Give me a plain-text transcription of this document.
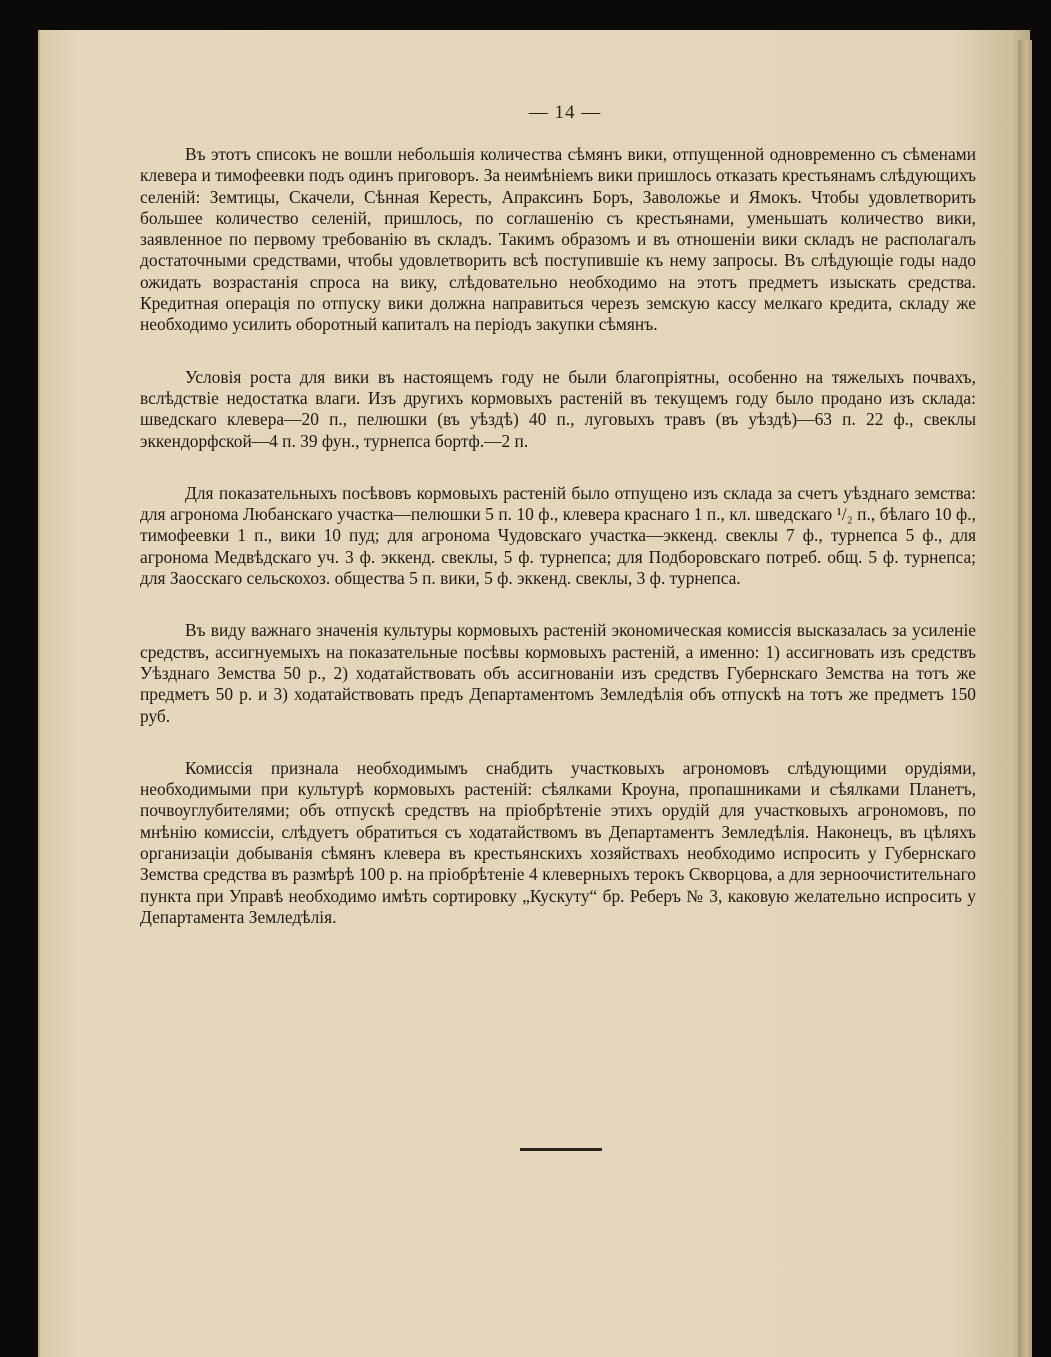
— 14 —

Въ этотъ списокъ не вошли небольшія количества сѣмянъ вики, отпущенной одновременно съ сѣменами клевера и тимофеевки подъ одинъ приговоръ. За неимѣніемъ вики пришлось отказать крестьянамъ слѣдующихъ селеній: Земтицы, Скачели, Сѣнная Кересть, Апраксинъ Боръ, Заволожье и Ямокъ. Чтобы удовлетворить большее количество селеній, пришлось, по соглашенію съ крестьянами, уменьшать количество вики, заявленное по первому требованію въ складъ. Такимъ образомъ и въ отношеніи вики складъ не располагалъ достаточными средствами, чтобы удовлетворить всѣ поступившіе къ нему запросы. Въ слѣдующіе годы надо ожидать возрастанія спроса на вику, слѣдовательно необходимо на этотъ предметъ изыскать средства. Кредитная операція по отпуску вики должна направиться черезъ земскую кассу мелкаго кредита, складу же необходимо усилить оборотный капиталъ на періодъ закупки сѣмянъ.

Условія роста для вики въ настоящемъ году не были благопріятны, особенно на тяжелыхъ почвахъ, вслѣдствіе недостатка влаги. Изъ другихъ кормовыхъ растеній въ текущемъ году было продано изъ склада: шведскаго клевера—20 п., пелюшки (въ уѣздѣ) 40 п., луговыхъ травъ (въ уѣздѣ)—63 п. 22 ф., свеклы эккендорфской—4 п. 39 фун., турнепса бортф.—2 п.

Для показательныхъ посѣвовъ кормовыхъ растеній было отпущено изъ склада за счетъ уѣзднаго земства: для агронома Любанскаго участка—пелюшки 5 п. 10 ф., клевера краснаго 1 п., кл. шведскаго ¹/₂ п., бѣлаго 10 ф., тимофеевки 1 п., вики 10 пуд; для агронома Чудовскаго участка—эккенд. свеклы 7 ф., турнепса 5 ф., для агронома Медвѣдскаго уч. 3 ф. эккенд. свеклы, 5 ф. турнепса; для Подборовскаго потреб. общ. 5 ф. турнепса; для Заосскаго сельскохоз. общества 5 п. вики, 5 ф. эккенд. свеклы, 3 ф. турнепса.

Въ виду важнаго значенія культуры кормовыхъ растеній экономическая комиссія высказалась за усиленіе средствъ, ассигнуемыхъ на показательные посѣвы кормовыхъ растеній, а именно: 1) ассигновать изъ средствъ Уѣзднаго Земства 50 р., 2) ходатайствовать объ ассигнованіи изъ средствъ Губернскаго Земства на тотъ же предметъ 50 р. и 3) ходатайствовать предъ Департаментомъ Земледѣлія объ отпускѣ на тотъ же предметъ 150 руб.

Комиссія признала необходимымъ снабдить участковыхъ агрономовъ слѣдующими орудіями, необходимыми при культурѣ кормовыхъ растеній: сѣялками Кроуна, пропашниками и сѣялками Планетъ, почвоуглубителями; объ отпускѣ средствъ на пріобрѣтеніе этихъ орудій для участковыхъ агрономовъ, по мнѣнію комиссіи, слѣдуетъ обратиться съ ходатайствомъ въ Департаментъ Земледѣлія. Наконецъ, въ цѣляхъ организаціи добыванія сѣмянъ клевера въ крестьянскихъ хозяйствахъ необходимо испросить у Губернскаго Земства средства въ размѣрѣ 100 р. на пріобрѣтеніе 4 клеверныхъ терокъ Скворцова, а для зерноочистительнаго пункта при Управѣ необходимо имѣть сортировку „Кускуту“ бр. Реберъ № 3, каковую желательно испросить у Департамента Земледѣлія.
